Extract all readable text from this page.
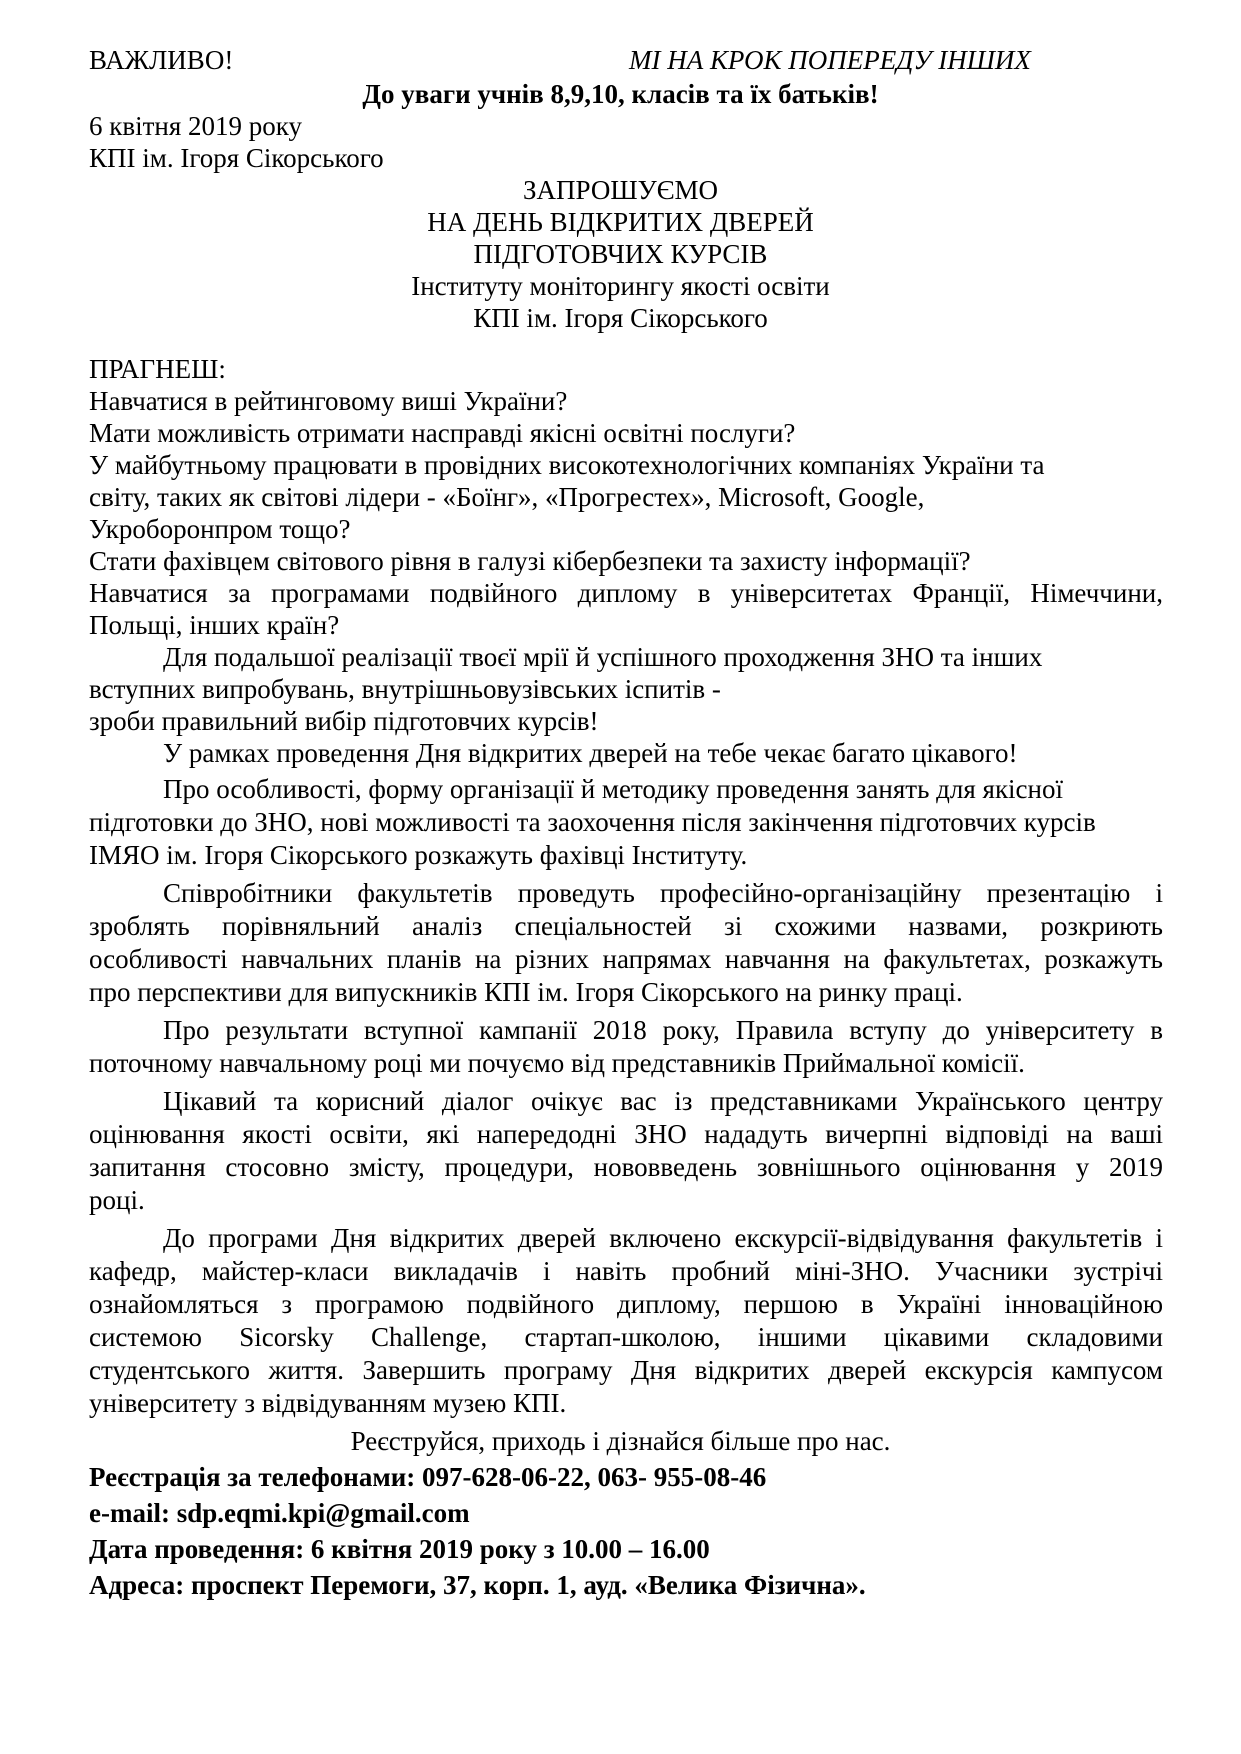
ВАЖЛИВО!	МІ НА КРОК ПОПЕРЕДУ ІНШИХ
До уваги учнів 8,9,10, класів та їх батьків!
6 квітня 2019 року
КПІ ім. Ігоря Сікорського
ЗАПРОШУЄМО
НА ДЕНЬ ВІДКРИТИХ ДВЕРЕЙ
ПІДГОТОВЧИХ КУРСІВ
Інституту моніторингу якості освіти
КПІ ім. Ігоря Сікорського
ПРАГНЕШ:
Навчатися в рейтинговому виші України?
Мати можливість отримати насправді якісні освітні послуги?
У майбутньому працювати в провідних високотехнологічних компаніях України та
світу, таких як світові лідери - «Боїнг», «Прогрестех», Microsoft, Google,
Укроборонпром тощо?
Стати фахівцем світового рівня в галузі кібербезпеки та захисту інформації?
Навчатися за програмами подвійного диплому в університетах Франції, Німеччини,
Польщі, інших країн?
Для подальшої реалізації твоєї мрії й успішного проходження ЗНО та інших
вступних випробувань, внутрішньовузівських іспитів -
зроби правильний вибір підготовчих курсів!
У рамках проведення Дня відкритих дверей на тебе чекає багато цікавого!
Про особливості, форму організації й методику проведення занять для якісної
підготовки до ЗНО, нові можливості та заохочення після закінчення підготовчих курсів
ІМЯО ім. Ігоря Сікорського розкажуть фахівці Інституту.
Співробітники факультетів проведуть професійно-організаційну презентацію і
зроблять порівняльний аналіз спеціальностей зі схожими назвами, розкриють
особливості навчальних планів на різних напрямах навчання на факультетах, розкажуть
про перспективи для випускників КПІ ім. Ігоря Сікорського на ринку праці.
Про результати вступної кампанії 2018 року, Правила вступу до університету в
поточному навчальному році ми почуємо від представників Приймальної комісії.
Цікавий та корисний діалог очікує вас із представниками Українського центру
оцінювання якості освіти, які напередодні ЗНО нададуть вичерпні відповіді на ваші
запитання стосовно змісту, процедури, нововведень зовнішнього оцінювання у 2019
році.
До програми Дня відкритих дверей включено екскурсії-відвідування факультетів і
кафедр, майстер-класи викладачів і навіть пробний міні-ЗНО. Учасники зустрічі
ознайомляться з програмою подвійного диплому, першою в Україні інноваційною
системою Sicorsky Challenge, стартап-школою, іншими цікавими складовими
студентського життя. Завершить програму Дня відкритих дверей екскурсія кампусом
університету з відвідуванням музею КПІ.
Реєструйся, приходь і дізнайся більше про нас.
Реєстрація за телефонами: 097-628-06-22, 063- 955-08-46
e-mail: sdp.eqmi.kpi@gmail.com
Дата проведення: 6 квітня 2019 року з 10.00 – 16.00
Адреса: проспект Перемоги, 37, корп. 1, ауд. «Велика Фізична».
